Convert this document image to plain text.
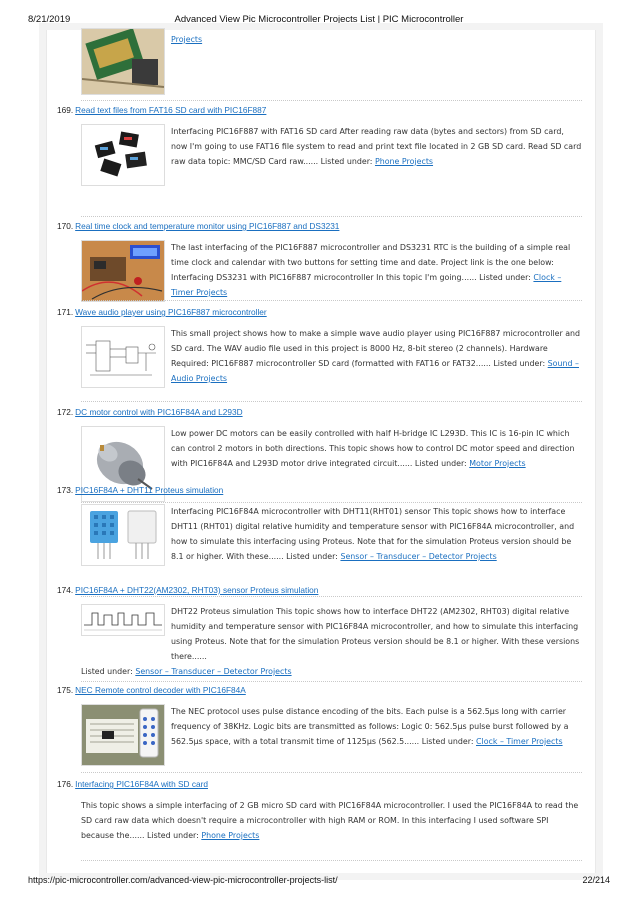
8/21/2019	Advanced View Pic Microcontroller Projects List | PIC Microcontroller
Projects
169. Read text files from FAT16 SD card with PIC16F887
Interfacing PIC16F887 with FAT16 SD card After reading raw data (bytes and sectors) from SD card, now I'm going to use FAT16 file system to read and print text file located in 2 GB SD card. Read SD card raw data topic: MMC/SD Card raw...... Listed under: Phone Projects
170. Real time clock and temperature monitor using PIC16F887 and DS3231
The last interfacing of the PIC16F887 microcontroller and DS3231 RTC is the building of a simple real time clock and calendar with two buttons for setting time and date. Project link is the one below: Interfacing DS3231 with PIC16F887 microcontroller In this topic I'm going...... Listed under: Clock – Timer Projects
171. Wave audio player using PIC16F887 microcontroller
This small project shows how to make a simple wave audio player using PIC16F887 microcontroller and SD card. The WAV audio file used in this project is 8000 Hz, 8-bit stereo (2 channels). Hardware Required: PIC16F887 microcontroller SD card (formatted with FAT16 or FAT32...... Listed under: Sound – Audio Projects
172. DC motor control with PIC16F84A and L293D
Low power DC motors can be easily controlled with half H-bridge IC L293D. This IC is 16-pin IC which can control 2 motors in both directions. This topic shows how to control DC motor speed and direction with PIC16F84A and L293D motor drive integrated circuit...... Listed under: Motor Projects
173. PIC16F84A + DHT11 Proteus simulation
Interfacing PIC16F84A microcontroller with DHT11(RHT01) sensor This topic shows how to interface DHT11 (RHT01) digital relative humidity and temperature sensor with PIC16F84A microcontroller, and how to simulate this interfacing using Proteus. Note that for the simulation Proteus version should be 8.1 or higher. With these...... Listed under: Sensor – Transducer – Detector Projects
174. PIC16F84A + DHT22(AM2302, RHT03) sensor Proteus simulation
DHT22 Proteus simulation This topic shows how to interface DHT22 (AM2302, RHT03) digital relative humidity and temperature sensor with PIC16F84A microcontroller, and how to simulate this interfacing using Proteus. Note that for the simulation Proteus version should be 8.1 or higher. With these versions there......
Listed under: Sensor – Transducer – Detector Projects
175. NEC Remote control decoder with PIC16F84A
The NEC protocol uses pulse distance encoding of the bits. Each pulse is a 562.5µs long with carrier frequency of 38KHz. Logic bits are transmitted as follows: Logic 0: 562.5µs pulse burst followed by a 562.5µs space, with a total transmit time of 1125µs (562.5...... Listed under: Clock – Timer Projects
176. Interfacing PIC16F84A with SD card
This topic shows a simple interfacing of 2 GB micro SD card with PIC16F84A microcontroller. I used the PIC16F84A to read the SD card raw data which doesn't require a microcontroller with high RAM or ROM. In this interfacing I used software SPI because the...... Listed under: Phone Projects
https://pic-microcontroller.com/advanced-view-pic-microcontroller-projects-list/	22/214
